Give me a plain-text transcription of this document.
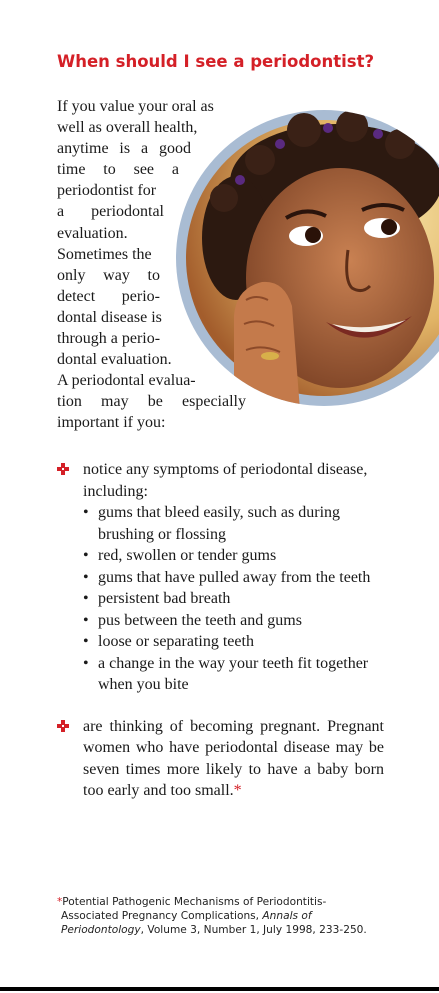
When should I see a periodontist?

If you value your oral as
well as overall health,
anytime is a good
time to see a
periodontist for
a periodontal
evaluation.
Sometimes the
only way to
detect perio-
dontal disease is
through a perio-
dontal evaluation.
A periodontal evalua-
tion may be especially
important if you:

notice any symptoms of periodontal disease, including:
• gums that bleed easily, such as during brushing or flossing
• red, swollen or tender gums
• gums that have pulled away from the teeth
• persistent bad breath
• pus between the teeth and gums
• loose or separating teeth
• a change in the way your teeth fit together when you bite
are thinking of becoming pregnant. Pregnant women who have periodontal disease may be seven times more likely to have a baby born too early and too small.*

*Potential Pathogenic Mechanisms of Periodontitis-
Associated Pregnancy Complications, Annals of
Periodontology, Volume 3, Number 1, July 1998, 233-250.
